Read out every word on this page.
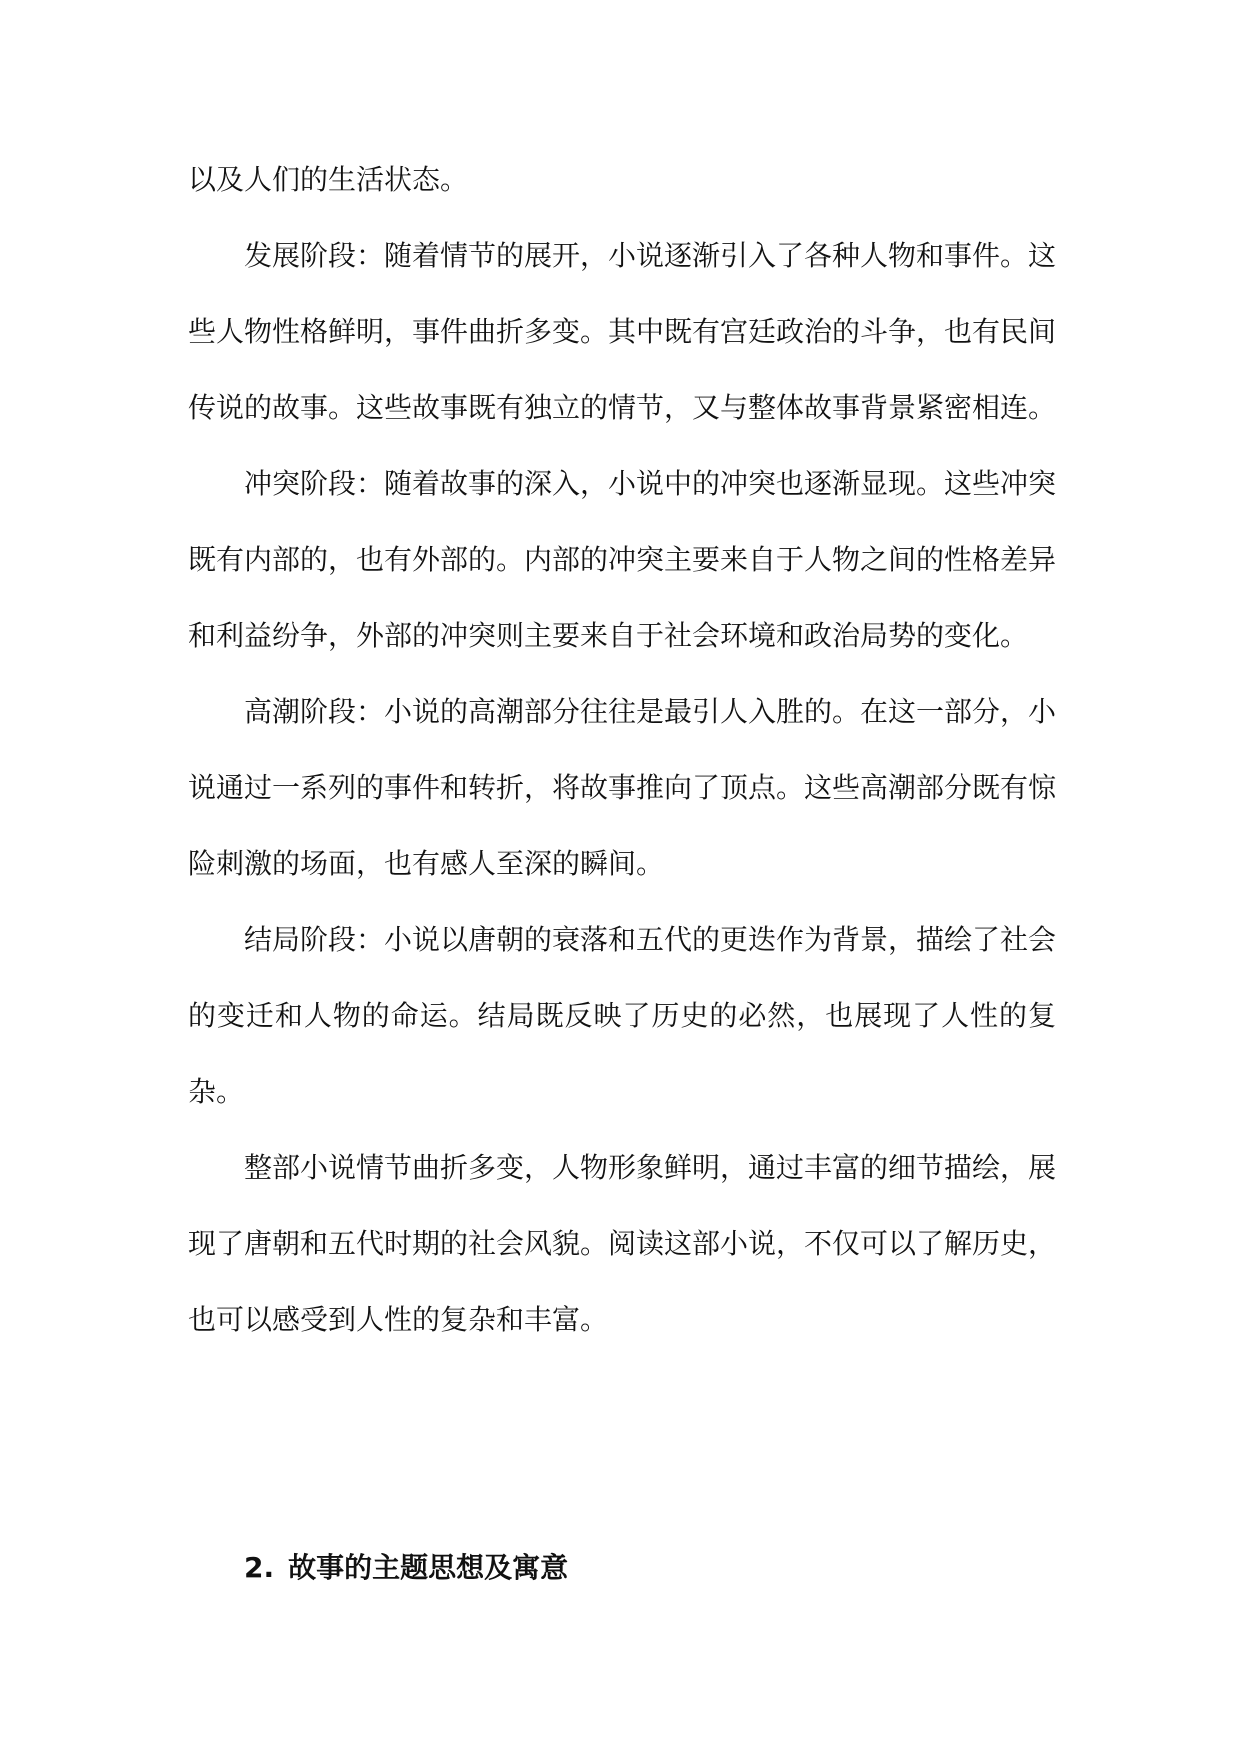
以及人们的生活状态。

发展阶段：随着情节的展开，小说逐渐引入了各种人物和事件。这些人物性格鲜明，事件曲折多变。其中既有宫廷政治的斗争，也有民间传说的故事。这些故事既有独立的情节，又与整体故事背景紧密相连。

冲突阶段：随着故事的深入，小说中的冲突也逐渐显现。这些冲突既有内部的，也有外部的。内部的冲突主要来自于人物之间的性格差异和利益纷争，外部的冲突则主要来自于社会环境和政治局势的变化。

高潮阶段：小说的高潮部分往往是最引人入胜的。在这一部分，小说通过一系列的事件和转折，将故事推向了顶点。这些高潮部分既有惊险刺激的场面，也有感人至深的瞬间。

结局阶段：小说以唐朝的衰落和五代的更迭作为背景，描绘了社会的变迁和人物的命运。结局既反映了历史的必然，也展现了人性的复杂。

整部小说情节曲折多变，人物形象鲜明，通过丰富的细节描绘，展现了唐朝和五代时期的社会风貌。阅读这部小说，不仅可以了解历史，也可以感受到人性的复杂和丰富。

2. 故事的主题思想及寓意
